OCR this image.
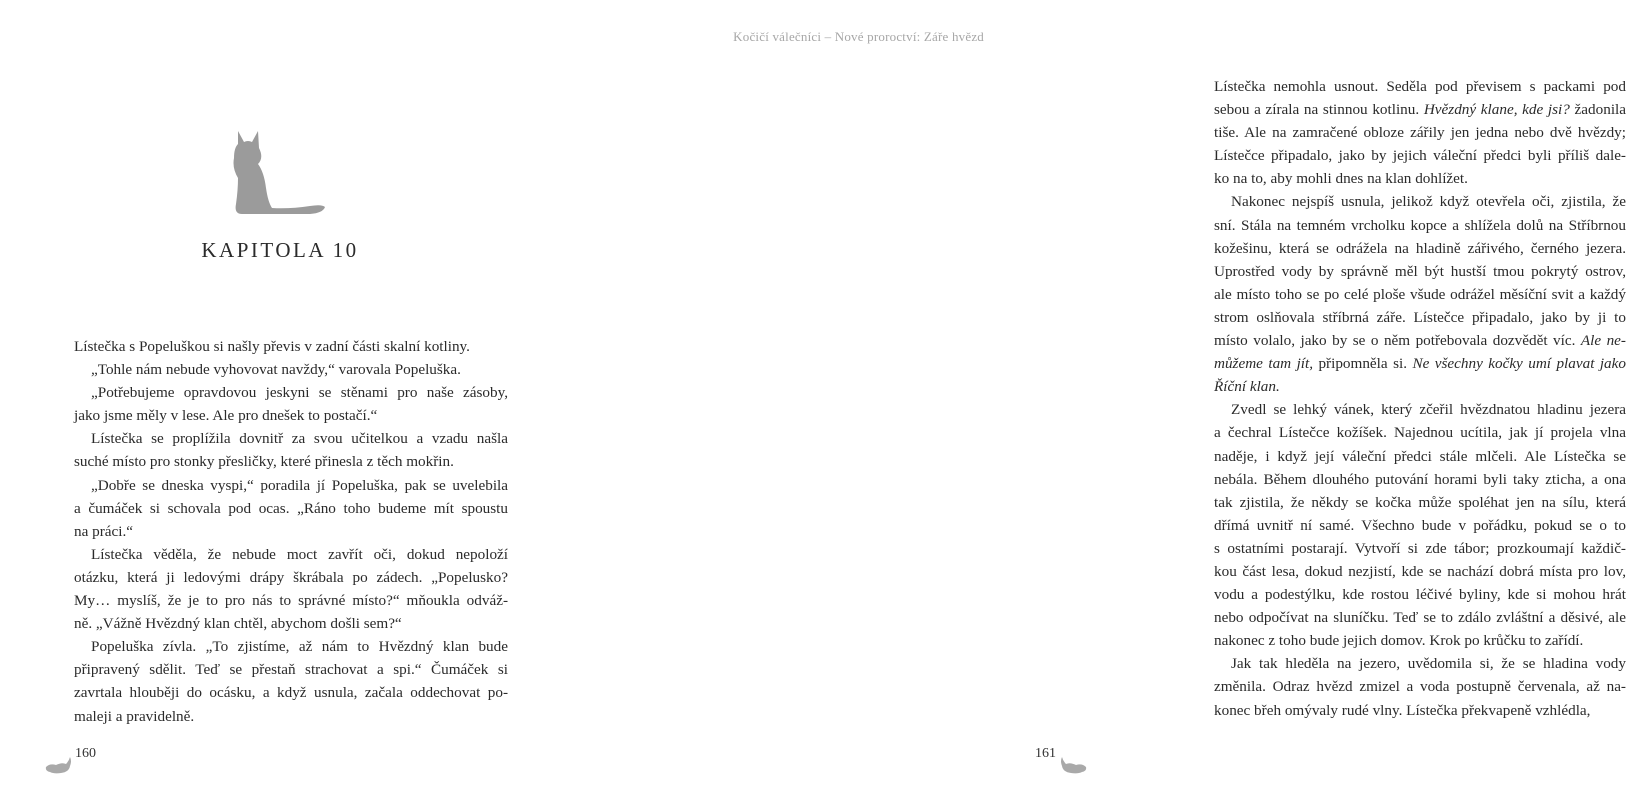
KAPITOLA 10
Lístečka s Popeluškou si našly převis v zadní části skalní kotliny.
„Tohle nám nebude vyhovovat navždy,“ varovala Popeluška.
„Potřebujeme opravdovou jeskyni se stěnami pro naše zásoby,
jako jsme měly v lese. Ale pro dnešek to postačí.“
Lístečka se proplížila dovnitř za svou učitelkou a vzadu našla
suché místo pro stonky přesličky, které přinesla z těch mokřin.
„Dobře se dneska vyspi,“ poradila jí Popeluška, pak se uvelebila
a čumáček si schovala pod ocas. „Ráno toho budeme mít spoustu
na práci.“
Lístečka věděla, že nebude moct zavřít oči, dokud nepoloží
otázku, která ji ledovými drápy škrábala po zádech. „Popelusko?
My… myslíš, že je to pro nás to správné místo?“ mňoukla odváž-
ně. „Vážně Hvězdný klan chtěl, abychom došli sem?“
Popeluška zívla. „To zjistíme, až nám to Hvězdný klan bude
připravený sdělit. Teď se přestaň strachovat a spi.“ Čumáček si
zavrtala hlouběji do ocásku, a když usnula, začala oddechovat po-
maleji a pravidelně.
160
Kočičí válečníci – Nové proroctví: Záře hvězd
Lístečka nemohla usnout. Seděla pod převisem s packami pod
sebou a zírala na stinnou kotlinu. Hvězdný klane, kde jsi? žadonila
tiše. Ale na zamračené obloze zářily jen jedna nebo dvě hvězdy;
Lístečce připadalo, jako by jejich váleční předci byli příliš dale-
ko na to, aby mohli dnes na klan dohlížet.
Nakonec nejspíš usnula, jelikož když otevřela oči, zjistila, že
sní. Stála na temném vrcholku kopce a shlížela dolů na Stříbrnou
kožešinu, která se odrážela na hladině zářivého, černého jezera.
Uprostřed vody by správně měl být hustší tmou pokrytý ostrov,
ale místo toho se po celé ploše všude odrážel měsíční svit a každý
strom oslňovala stříbrná záře. Lístečce připadalo, jako by ji to
místo volalo, jako by se o něm potřebovala dozvědět víc. Ale ne-
můžeme tam jít, připomněla si. Ne všechny kočky umí plavat jako
Říční klan.
Zvedl se lehký vánek, který zčeřil hvězdnatou hladinu jezera
a čechral Lístečce kožíšek. Najednou ucítila, jak jí projela vlna
naděje, i když její váleční předci stále mlčeli. Ale Lístečka se
nebála. Během dlouhého putování horami byli taky zticha, a ona
tak zjistila, že někdy se kočka může spoléhat jen na sílu, která
dřímá uvnitř ní samé. Všechno bude v pořádku, pokud se o to
s ostatními postarají. Vytvoří si zde tábor; prozkoumají každič-
kou část lesa, dokud nezjistí, kde se nachází dobrá místa pro lov,
vodu a podestýlku, kde rostou léčivé byliny, kde si mohou hrát
nebo odpočívat na sluníčku. Teď se to zdálo zvláštní a děsivé, ale
nakonec z toho bude jejich domov. Krok po krůčku to zařídí.
Jak tak hleděla na jezero, uvědomila si, že se hladina vody
změnila. Odraz hvězd zmizel a voda postupně červenala, až na-
konec břeh omývaly rudé vlny. Lístečka překvapeně vzhlédla,
161
